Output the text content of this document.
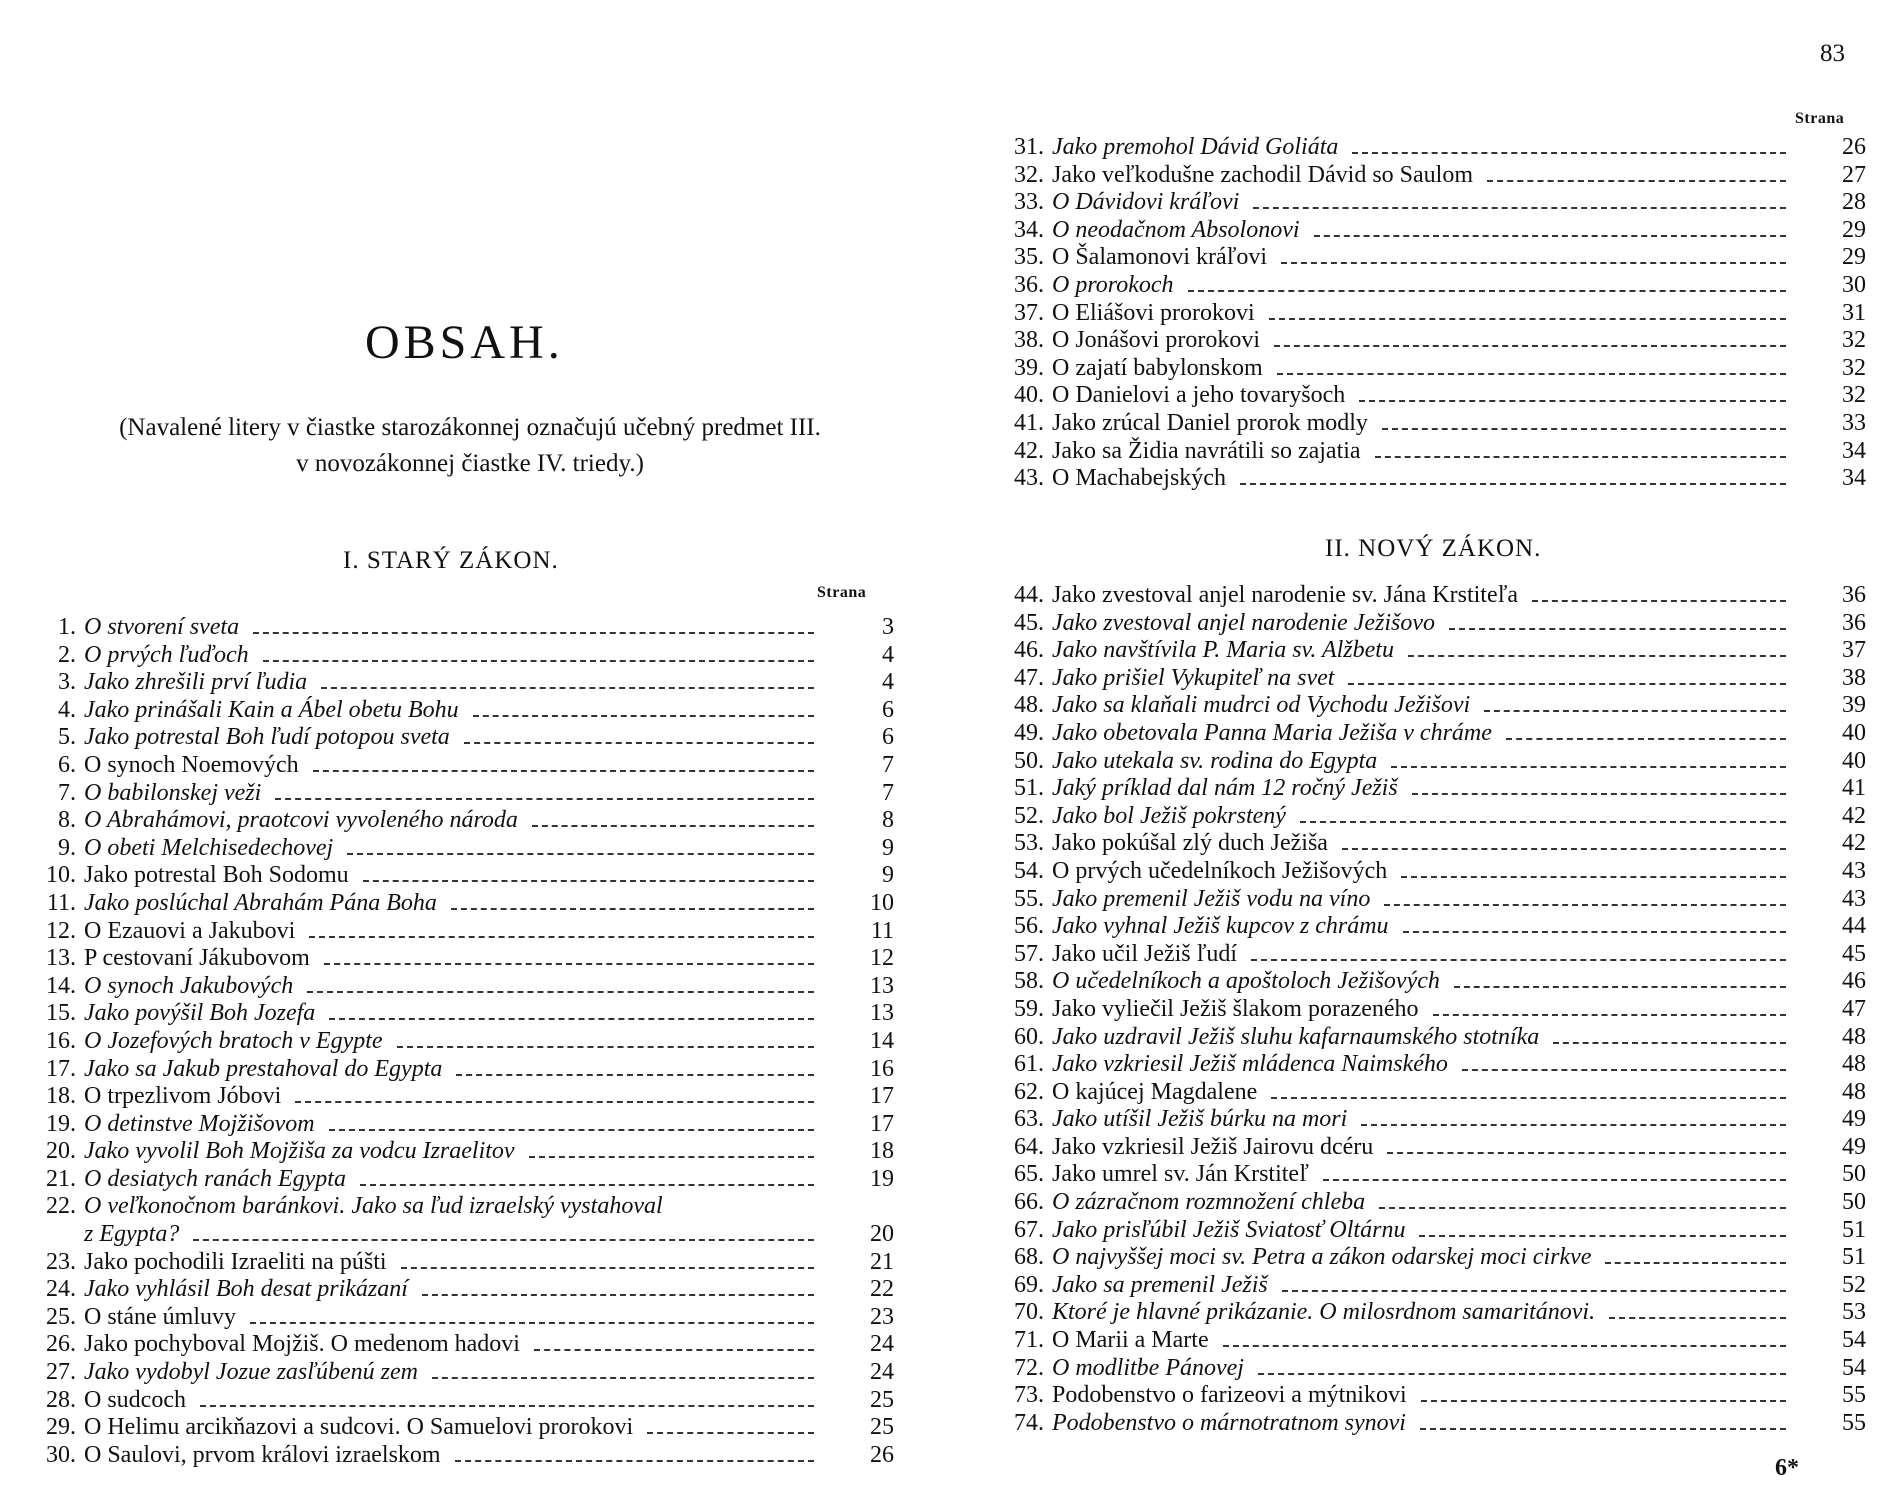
83
Strana
OBSAH.
(Navalené litery v čiastke starozákonnej označujú učebný predmet III.
v novozákonnej čiastke IV. triedy.)
I. STARÝ ZÁKON.
Strana
1. O stvorení sveta	3
2. O prvých ľuďoch	4
3. Jako zhrešili prví ľudia	4
4. Jako prinášali Kain a Ábel obetu Bohu	6
5. Jako potrestal Boh ľudí potopou sveta	6
6. O synoch Noemových	7
7. O babilonskej veži	7
8. O Abrahámovi, praotcovi vyvoleného národa	8
9. O obeti Melchisedechovej	9
10. Jako potrestal Boh Sodomu	9
11. Jako poslúchal Abrahám Pána Boha	10
12. O Ezauovi a Jakubovi	11
13. P cestovaní Jákubovom	12
14. O synoch Jakubových	13
15. Jako povýšil Boh Jozefa	13
16. O Jozefových bratoch v Egypte	14
17. Jako sa Jakub prestahoval do Egypta	16
18. O trpezlivom Jóbovi	17
19. O detinstve Mojžišovom	17
20. Jako vyvolil Boh Mojžiša za vodcu Izraelitov	18
21. O desiatych ranách Egypta	19
22. O veľkonočnom baránkovi. Jako sa ľud izraelský vystahoval
z Egypta?	20
23. Jako pochodili Izraeliti na púšti	21
24. Jako vyhlásil Boh desat prikázaní	22
25. O stáne úmluvy	23
26. Jako pochyboval Mojžiš. O medenom hadovi	24
27. Jako vydobyl Jozue zasľúbenú zem	24
28. O sudcoch	25
29. O Helimu arcikňazovi a sudcovi. O Samuelovi prorokovi	25
30. O Saulovi, prvom královi izraelskom	26
31. Jako premohol Dávid Goliáta	26
32. Jako veľkodušne zachodil Dávid so Saulom	27
33. O Dávidovi kráľovi	28
34. O neodačnom Absolonovi	29
35. O Šalamonovi kráľovi	29
36. O prorokoch	30
37. O Eliášovi prorokovi	31
38. O Jonášovi prorokovi	32
39. O zajatí babylonskom	32
40. O Danielovi a jeho tovaryšoch	32
41. Jako zrúcal Daniel prorok modly	33
42. Jako sa Židia navrátili so zajatia	34
43. O Machabejských	34
II. NOVÝ ZÁKON.
44. Jako zvestoval anjel narodenie sv. Jána Krstiteľa	36
45. Jako zvestoval anjel narodenie Ježišovo	36
46. Jako navštívila P. Maria sv. Alžbetu	37
47. Jako prišiel Vykupiteľ na svet	38
48. Jako sa klaňali mudrci od Vychodu Ježišovi	39
49. Jako obetovala Panna Maria Ježiša v chráme	40
50. Jako utekala sv. rodina do Egypta	40
51. Jaký príklad dal nám 12 ročný Ježiš	41
52. Jako bol Ježiš pokrstený	42
53. Jako pokúšal zlý duch Ježiša	42
54. O prvých učedelníkoch Ježišových	43
55. Jako premenil Ježiš vodu na víno	43
56. Jako vyhnal Ježiš kupcov z chrámu	44
57. Jako učil Ježiš ľudí	45
58. O učedelníkoch a apoštoloch Ježišových	46
59. Jako vyliečil Ježiš šlakom porazeného	47
60. Jako uzdravil Ježiš sluhu kafarnaumského stotníka	48
61. Jako vzkriesil Ježiš mládenca Naimského	48
62. O kajúcej Magdalene	48
63. Jako utíšil Ježiš búrku na mori	49
64. Jako vzkriesil Ježiš Jairovu dcéru	49
65. Jako umrel sv. Ján Krstiteľ	50
66. O zázračnom rozmnožení chleba	50
67. Jako prisľúbil Ježiš Sviatosť Oltárnu	51
68. O najvyššej moci sv. Petra a zákon odarskej moci cirkve	51
69. Jako sa premenil Ježiš	52
70. Ktoré je hlavné prikázanie. O milosrdnom samaritánovi.	53
71. O Marii a Marte	54
72. O modlitbe Pánovej	54
73. Podobenstvo o farizeovi a mýtnikovi	55
74. Podobenstvo o márnotratnom synovi	55
6*
